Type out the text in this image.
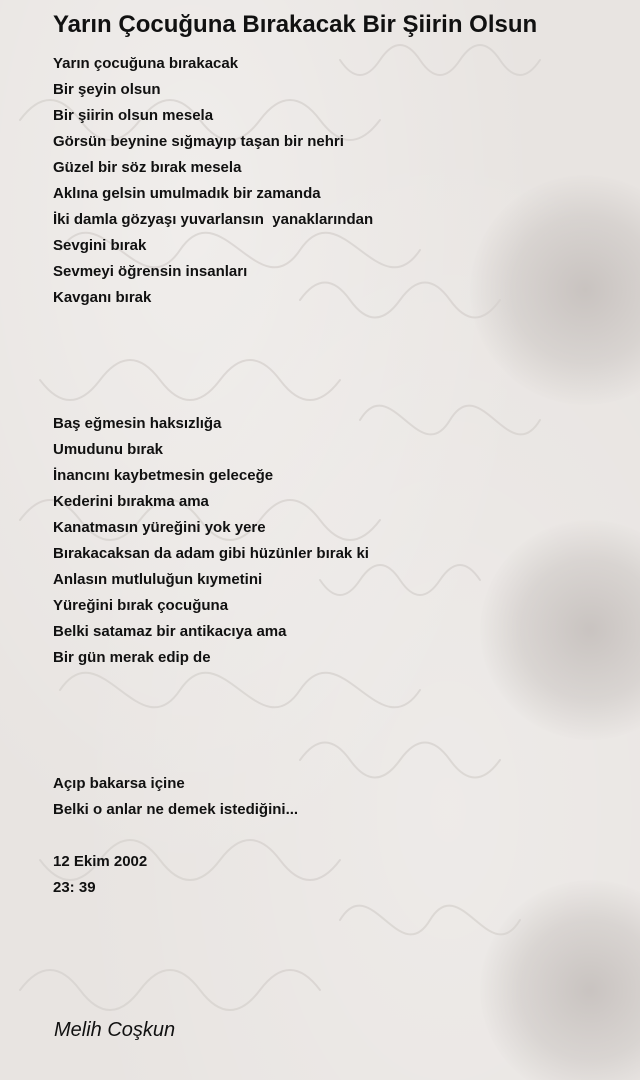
Yarın Çocuğuna Bırakacak Bir Şiirin Olsun
Yarın çocuğuna bırakacak
Bir şeyin olsun
Bir şiirin olsun mesela
Görsün beynine sığmayıp taşan bir nehri
Güzel bir söz bırak mesela
Aklına gelsin umulmadık bir zamanda
İki damla gözyaşı yuvarlansın  yanaklarından
Sevgini bırak
Sevmeyi öğrensin insanları
Kavganı bırak
Baş eğmesin haksızlığa
Umudunu bırak
İnancını kaybetmesin geleceğe
Kederini bırakma ama
Kanatmasın yüreğini yok yere
Bırakacaksan da adam gibi hüzünler bırak ki
Anlasın mutluluğun kıymetini
Yüreğini bırak çocuğuna
Belki satamaz bir antikacıya ama
Bir gün merak edip de
Açıp bakarsa içine
Belki o anlar ne demek istediğini...
12 Ekim 2002
23: 39
Melih Coşkun
